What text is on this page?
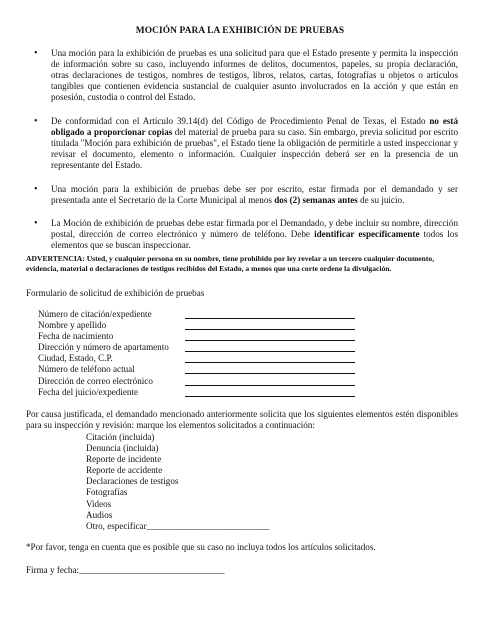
MOCIÓN PARA LA EXHIBICIÓN DE PRUEBAS
•	Una moción para la exhibición de pruebas es una solicitud para que el Estado presente y permita la inspección de información sobre su caso, incluyendo informes de delitos, documentos, papeles, su propia declaración, otras declaraciones de testigos, nombres de testigos, libros, relatos, cartas, fotografías u objetos o artículos tangibles que contienen evidencia sustancial de cualquier asunto involucrados en la acción y que están en posesión, custodia o control del Estado.
•	De conformidad con el Artículo 39.14(d) del Código de Procedimiento Penal de Texas, el Estado no está obligado a proporcionar copias del material de prueba para su caso. Sin embargo, previa solicitud por escrito titulada "Moción para exhibición de pruebas", el Estado tiene la obligación de permitirle a usted inspeccionar y revisar el documento, elemento o información. Cualquier inspección deberá ser en la presencia de un representante del Estado.
•	Una moción para la exhibición de pruebas debe ser por escrito, estar firmada por el demandado y ser presentada ante el Secretario de la Corte Municipal al menos dos (2) semanas antes de su juicio.
•	La Moción de exhibición de pruebas debe estar firmada por el Demandado, y debe incluir su nombre, dirección postal, dirección de correo electrónico y número de teléfono. Debe identificar específicamente todos los elementos que se buscan inspeccionar.
ADVERTENCIA: Usted, y cualquier persona en su nombre, tiene prohibido por ley revelar a un tercero cualquier documento, evidencia, material o declaraciones de testigos recibidos del Estado, a menos que una corte ordene la divulgación.
Formulario de solicitud de exhibición de pruebas
Número de citación/expediente
Nombre y apellido
Fecha de nacimiento
Dirección y número de apartamento
Ciudad, Estado, C.P.
Número de teléfono actual
Dirección de correo electrónico
Fecha del juicio/expediente
Por causa justificada, el demandado mencionado anteriormente solicita que los siguientes elementos estén disponibles para su inspección y revisión: marque los elementos solicitados a continuación:
Citación (incluida)
Denuncia (incluida)
Reporte de incidente
Reporte de accidente
Declaraciones de testigos
Fotografías
Videos
Audios
Otro, especificar___________________________
*Por favor, tenga en cuenta que es posible que su caso no incluya todos los artículos solicitados.
Firma y fecha:________________________________
